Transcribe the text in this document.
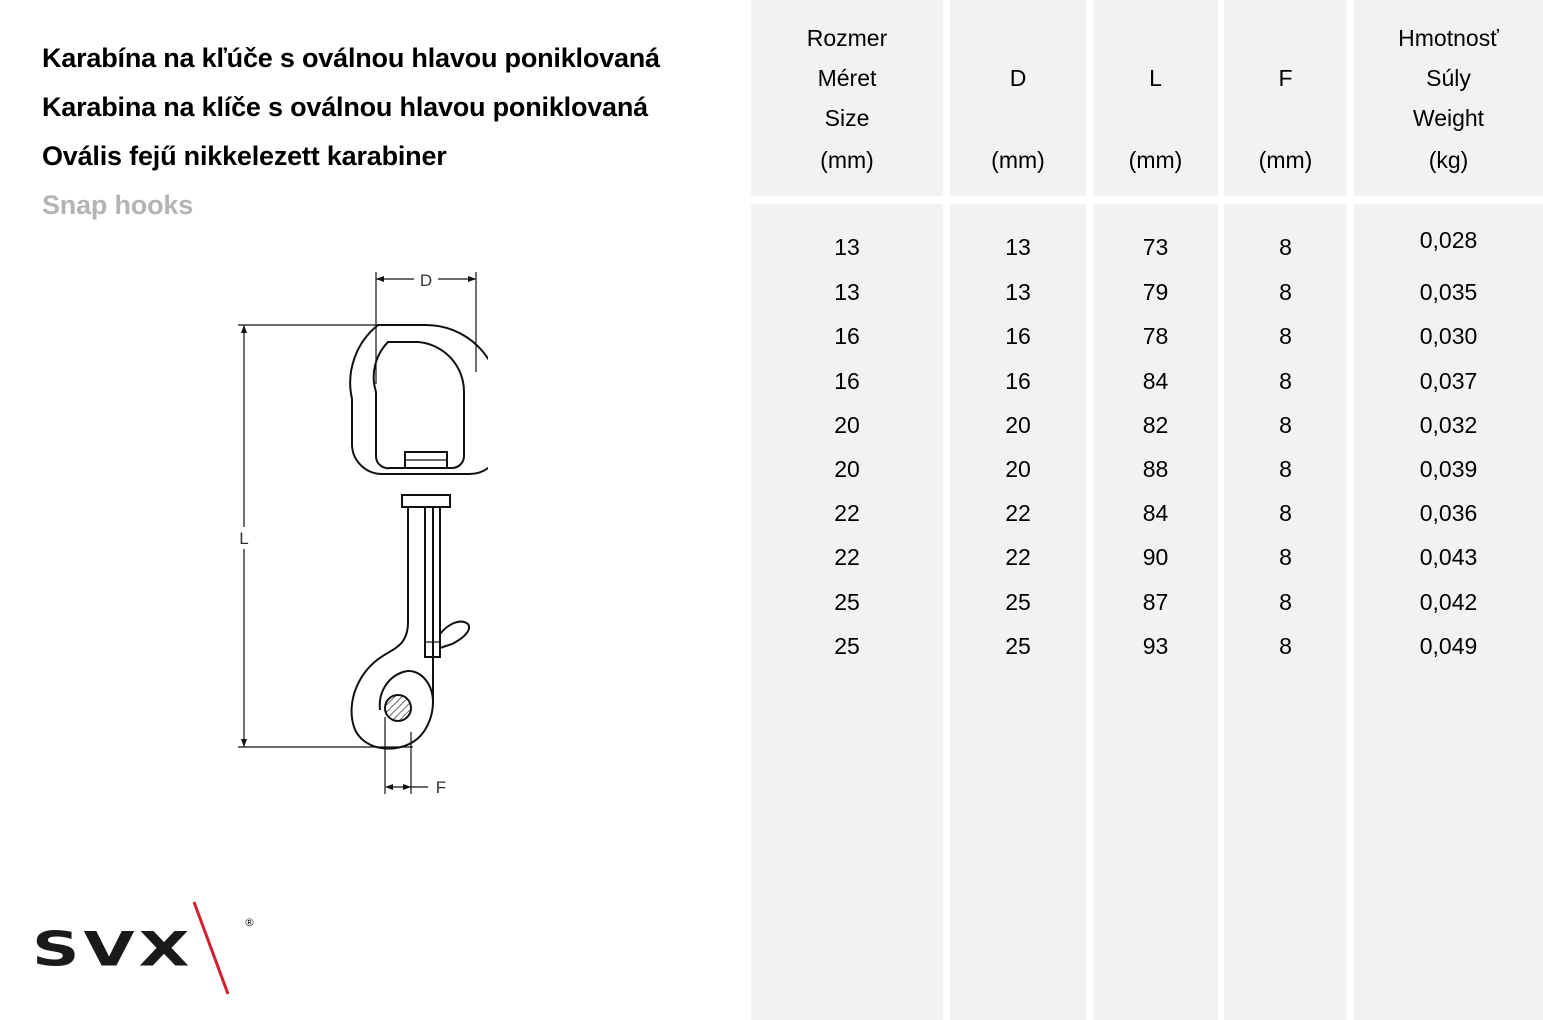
Karabína na kľúče s oválnou hlavou poniklovaná
Karabina na klíče s oválnou hlavou poniklovaná
Ovális fejű nikkelezett karabiner
Snap hooks
D
L
F
SVX	®
Rozmer
Méret
Size
(mm)
13
13
16
16
20
20
22
22
25
25
D
(mm)
13
13
16
16
20
20
22
22
25
25
L
(mm)
73
79
78
84
82
88
84
90
87
93
F
(mm)
8
8
8
8
8
8
8
8
8
8
Hmotnosť
Súly
Weight
(kg)
0,028
0,035
0,030
0,037
0,032
0,039
0,036
0,043
0,042
0,049
